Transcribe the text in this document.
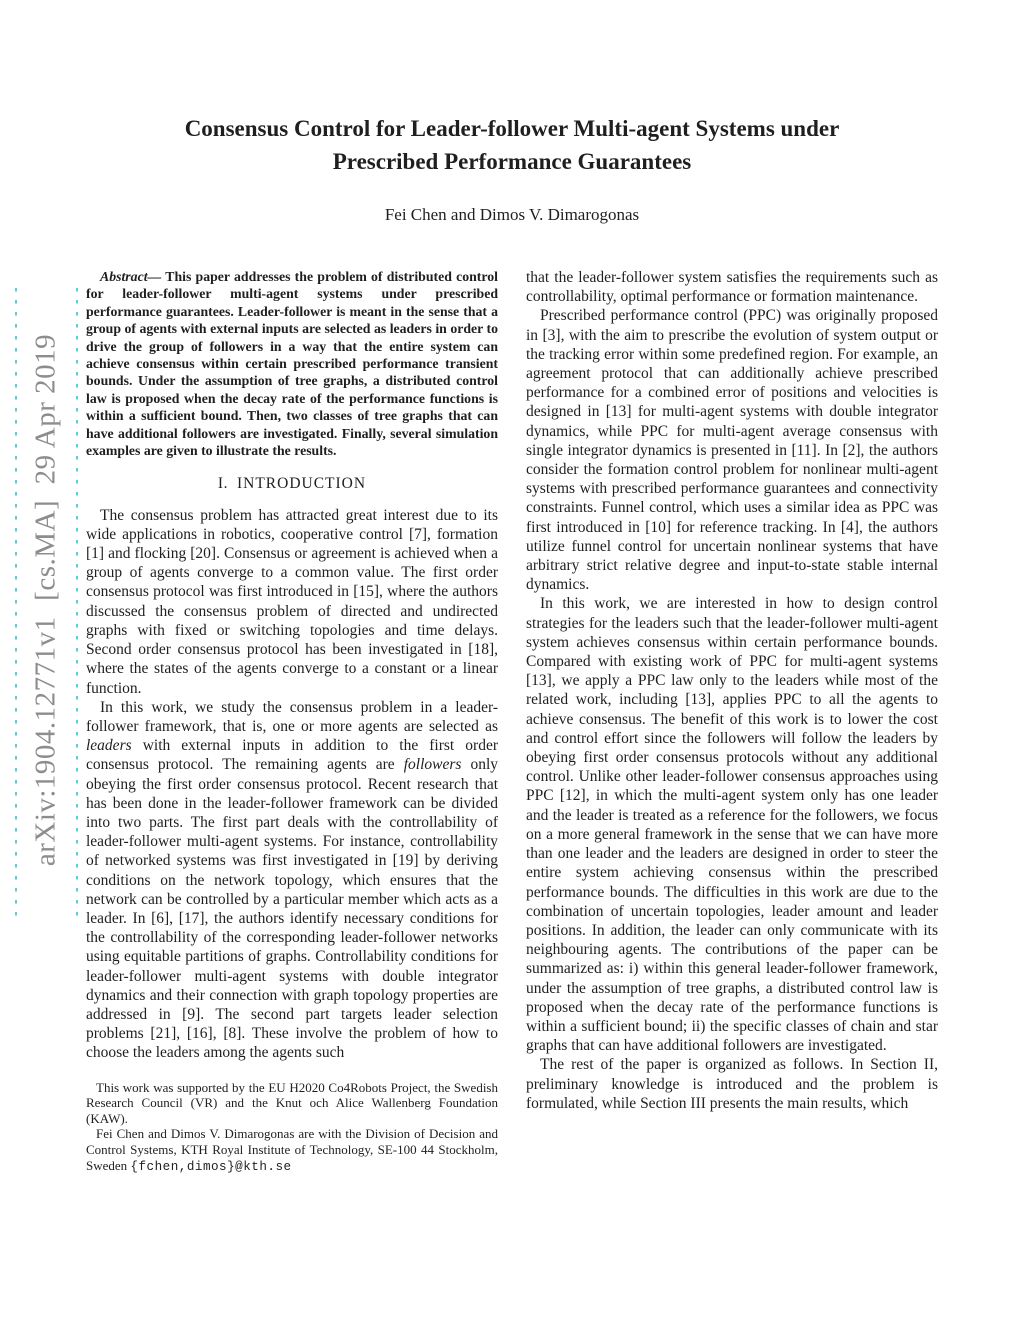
arXiv:1904.12771v1  [cs.MA]  29 Apr 2019
Consensus Control for Leader-follower Multi-agent Systems under
Prescribed Performance Guarantees
Fei Chen and Dimos V. Dimarogonas

Abstract— This paper addresses the problem of distributed control for leader-follower multi-agent systems under prescribed performance guarantees. Leader-follower is meant in the sense that a group of agents with external inputs are selected as leaders in order to drive the group of followers in a way that the entire system can achieve consensus within certain prescribed performance transient bounds. Under the assumption of tree graphs, a distributed control law is proposed when the decay rate of the performance functions is within a sufficient bound. Then, two classes of tree graphs that can have additional followers are investigated. Finally, several simulation examples are given to illustrate the results.

I. INTRODUCTION

The consensus problem has attracted great interest due to its wide applications in robotics, cooperative control [7], formation [1] and flocking [20]. Consensus or agreement is achieved when a group of agents converge to a common value. The first order consensus protocol was first introduced in [15], where the authors discussed the consensus problem of directed and undirected graphs with fixed or switching topologies and time delays. Second order consensus protocol has been investigated in [18], where the states of the agents converge to a constant or a linear function.

In this work, we study the consensus problem in a leader-follower framework, that is, one or more agents are selected as leaders with external inputs in addition to the first order consensus protocol. The remaining agents are followers only obeying the first order consensus protocol. Recent research that has been done in the leader-follower framework can be divided into two parts. The first part deals with the controllability of leader-follower multi-agent systems. For instance, controllability of networked systems was first investigated in [19] by deriving conditions on the network topology, which ensures that the network can be controlled by a particular member which acts as a leader. In [6], [17], the authors identify necessary conditions for the controllability of the corresponding leader-follower networks using equitable partitions of graphs. Controllability conditions for leader-follower multi-agent systems with double integrator dynamics and their connection with graph topology properties are addressed in [9]. The second part targets leader selection problems [21], [16], [8]. These involve the problem of how to choose the leaders among the agents such

This work was supported by the EU H2020 Co4Robots Project, the Swedish Research Council (VR) and the Knut och Alice Wallenberg Foundation (KAW).

Fei Chen and Dimos V. Dimarogonas are with the Division of Decision and Control Systems, KTH Royal Institute of Technology, SE-100 44 Stockholm, Sweden {fchen,dimos}@kth.se

that the leader-follower system satisfies the requirements such as controllability, optimal performance or formation maintenance.

Prescribed performance control (PPC) was originally proposed in [3], with the aim to prescribe the evolution of system output or the tracking error within some predefined region. For example, an agreement protocol that can additionally achieve prescribed performance for a combined error of positions and velocities is designed in [13] for multi-agent systems with double integrator dynamics, while PPC for multi-agent average consensus with single integrator dynamics is presented in [11]. In [2], the authors consider the formation control problem for nonlinear multi-agent systems with prescribed performance guarantees and connectivity constraints. Funnel control, which uses a similar idea as PPC was first introduced in [10] for reference tracking. In [4], the authors utilize funnel control for uncertain nonlinear systems that have arbitrary strict relative degree and input-to-state stable internal dynamics.

In this work, we are interested in how to design control strategies for the leaders such that the leader-follower multi-agent system achieves consensus within certain performance bounds. Compared with existing work of PPC for multi-agent systems [13], we apply a PPC law only to the leaders while most of the related work, including [13], applies PPC to all the agents to achieve consensus. The benefit of this work is to lower the cost and control effort since the followers will follow the leaders by obeying first order consensus protocols without any additional control. Unlike other leader-follower consensus approaches using PPC [12], in which the multi-agent system only has one leader and the leader is treated as a reference for the followers, we focus on a more general framework in the sense that we can have more than one leader and the leaders are designed in order to steer the entire system achieving consensus within the prescribed performance bounds. The difficulties in this work are due to the combination of uncertain topologies, leader amount and leader positions. In addition, the leader can only communicate with its neighbouring agents. The contributions of the paper can be summarized as: i) within this general leader-follower framework, under the assumption of tree graphs, a distributed control law is proposed when the decay rate of the performance functions is within a sufficient bound; ii) the specific classes of chain and star graphs that can have additional followers are investigated.

The rest of the paper is organized as follows. In Section II, preliminary knowledge is introduced and the problem is formulated, while Section III presents the main results, which
